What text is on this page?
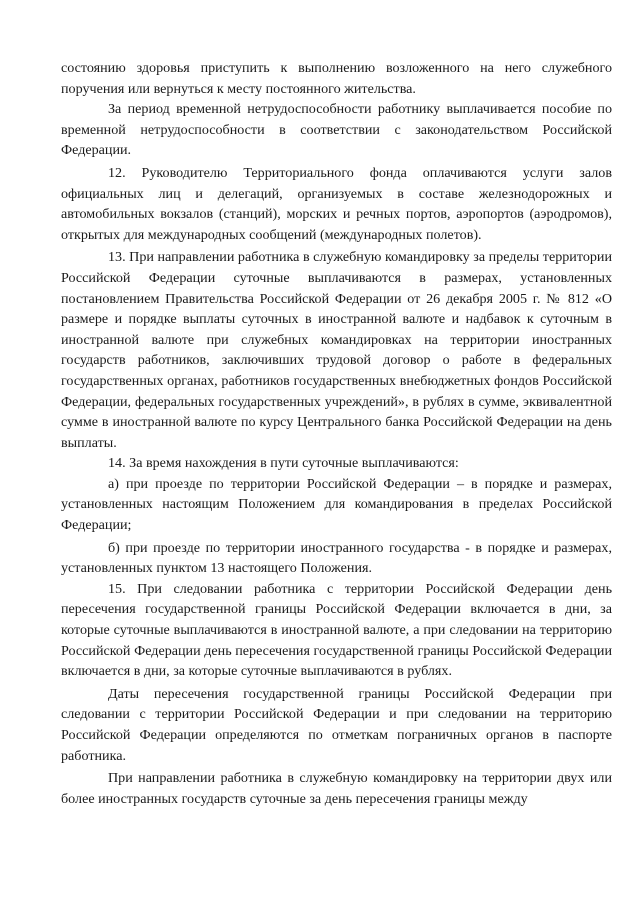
состоянию здоровья приступить к выполнению возложенного на него служебного поручения или вернуться к месту постоянного жительства.

За период временной нетрудоспособности работнику выплачивается пособие по временной нетрудоспособности в соответствии с законодательством Российской Федерации.

12. Руководителю Территориального фонда оплачиваются услуги залов официальных лиц и делегаций, организуемых в составе железнодорожных и автомобильных вокзалов (станций), морских и речных портов, аэропортов (аэродромов), открытых для международных сообщений (международных полетов).

13. При направлении работника в служебную командировку за пределы территории Российской Федерации суточные выплачиваются в размерах, установленных постановлением Правительства Российской Федерации от 26 декабря 2005 г. № 812 «О размере и порядке выплаты суточных в иностранной валюте и надбавок к суточным в иностранной валюте при служебных командировках на территории иностранных государств работников, заключивших трудовой договор о работе в федеральных государственных органах, работников государственных внебюджетных фондов Российской Федерации, федеральных государственных учреждений», в рублях в сумме, эквивалентной сумме в иностранной валюте по курсу Центрального банка Российской Федерации на день выплаты.

14. За время нахождения в пути суточные выплачиваются:

а) при проезде по территории Российской Федерации – в порядке и размерах, установленных настоящим Положением для командирования в пределах Российской Федерации;

б) при проезде по территории иностранного государства - в порядке и размерах, установленных пунктом 13 настоящего Положения.

15. При следовании работника с территории Российской Федерации день пересечения государственной границы Российской Федерации включается в дни, за которые суточные выплачиваются в иностранной валюте, а при следовании на территорию Российской Федерации день пересечения государственной границы Российской Федерации включается в дни, за которые суточные выплачиваются в рублях.

Даты пересечения государственной границы Российской Федерации при следовании с территории Российской Федерации и при следовании на территорию Российской Федерации определяются по отметкам пограничных органов в паспорте работника.

При направлении работника в служебную командировку на территории двух или более иностранных государств суточные за день пересечения границы между
